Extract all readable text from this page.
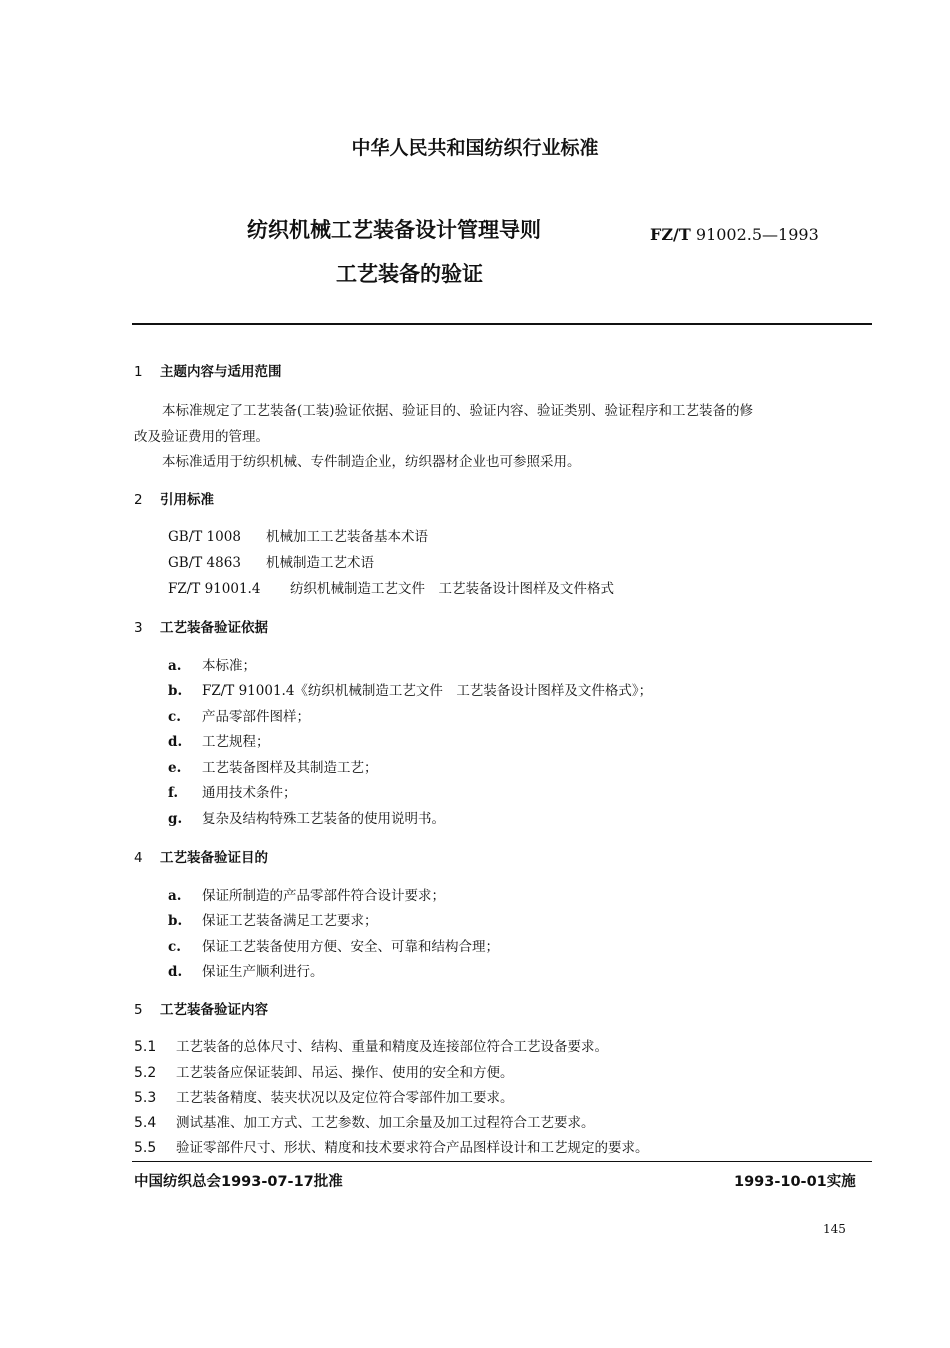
中华人民共和国纺织行业标准
纺织机械工艺装备设计管理导则
工艺装备的验证
FZ/T 91002.5—1993
1 主题内容与适用范围
本标准规定了工艺装备(工装)验证依据、验证目的、验证内容、验证类别、验证程序和工艺装备的修
改及验证费用的管理。
本标准适用于纺织机械、专件制造企业，纺织器材企业也可参照采用。
2 引用标准
GB/T 1008 机械加工工艺装备基本术语
GB/T 4863 机械制造工艺术语
FZ/T 91001.4 纺织机械制造工艺文件　工艺装备设计图样及文件格式
3 工艺装备验证依据
a. 本标准；
b. FZ/T 91001.4《纺织机械制造工艺文件　工艺装备设计图样及文件格式》；
c. 产品零部件图样；
d. 工艺规程；
e. 工艺装备图样及其制造工艺；
f. 通用技术条件；
g. 复杂及结构特殊工艺装备的使用说明书。
4 工艺装备验证目的
a. 保证所制造的产品零部件符合设计要求；
b. 保证工艺装备满足工艺要求；
c. 保证工艺装备使用方便、安全、可靠和结构合理；
d. 保证生产顺利进行。
5 工艺装备验证内容
5.1 工艺装备的总体尺寸、结构、重量和精度及连接部位符合工艺设备要求。
5.2 工艺装备应保证装卸、吊运、操作、使用的安全和方便。
5.3 工艺装备精度、装夹状况以及定位符合零部件加工要求。
5.4 测试基准、加工方式、工艺参数、加工余量及加工过程符合工艺要求。
5.5 验证零部件尺寸、形状、精度和技术要求符合产品图样设计和工艺规定的要求。
中国纺织总会1993-07-17批准	1993-10-01实施
145
